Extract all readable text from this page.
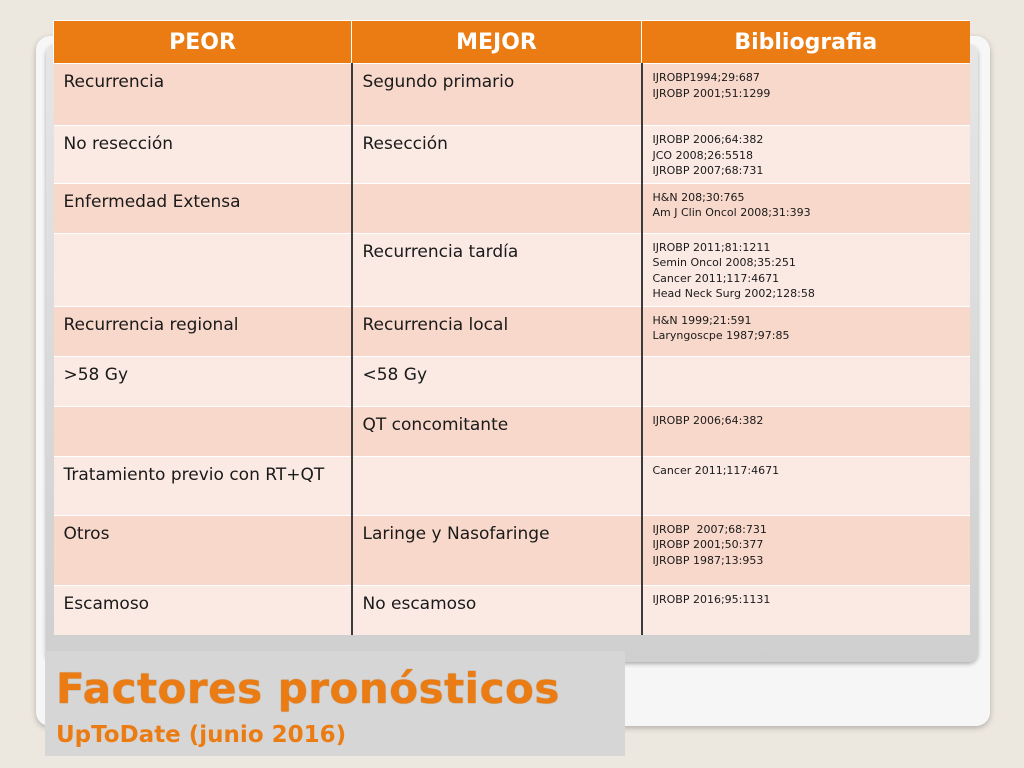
PEOR	MEJOR	Bibliografia
Recurrencia	Segundo primario	IJROBP1994;29:687
IJROBP 2001;51:1299

No resección	Resección	IJROBP 2006;64:382
JCO 2008;26:5518
IJROBP 2007;68:731

Enfermedad Extensa		H&N 208;30:765
Am J Clin Oncol 2008;31:393

	Recurrencia tardía	IJROBP 2011;81:1211
Semin Oncol 2008;35:251
Cancer 2011;117:4671
Head Neck Surg 2002;128:58

Recurrencia regional	Recurrencia local	H&N 1999;21:591
Laryngoscpe 1987;97:85

>58 Gy	<58 Gy	
	QT concomitante	IJROBP 2006;64:382

Tratamiento previo con RT+QT		Cancer 2011;117:4671

Otros	Laringe y Nasofaringe	IJROBP  2007;68:731
IJROBP 2001;50:377
IJROBP 1987;13:953

Escamoso	No escamoso	IJROBP 2016;95:1131
Factores pronósticos
UpToDate (junio 2016)
